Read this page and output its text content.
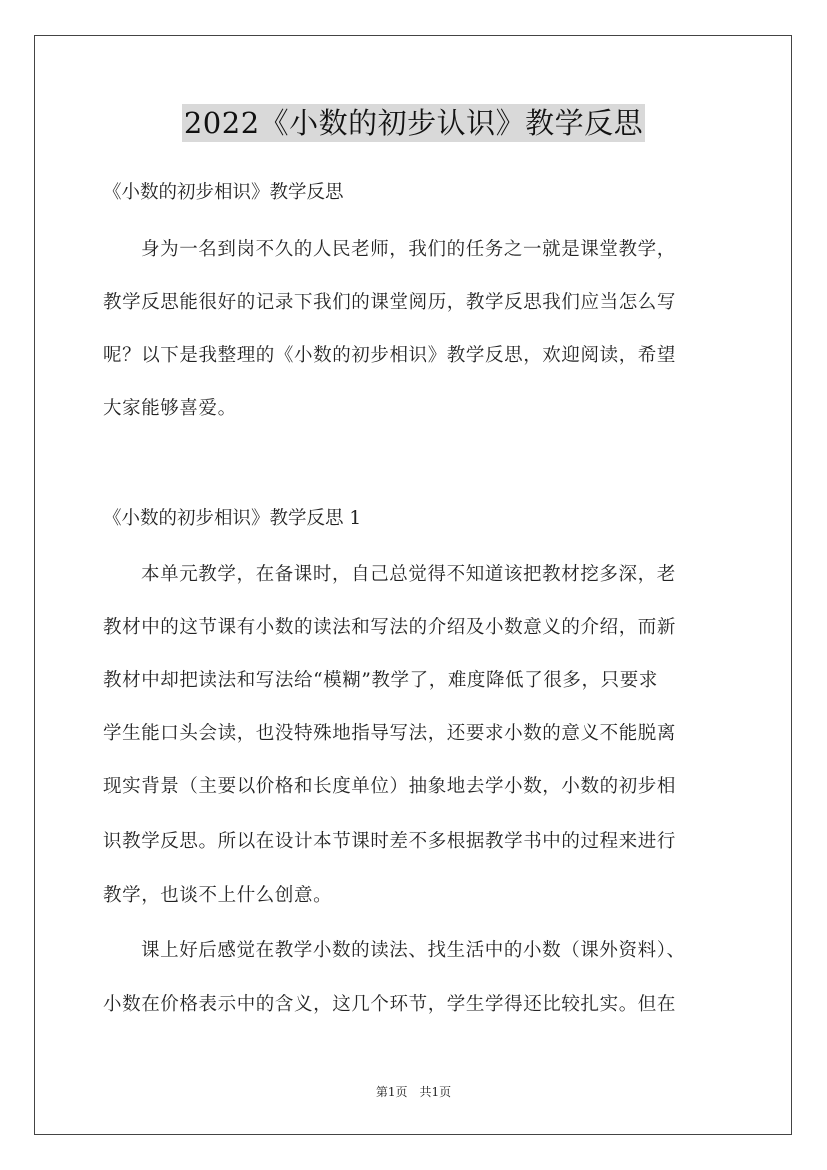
2022《小数的初步认识》教学反思
《小数的初步相识》教学反思
身为一名到岗不久的人民老师，我们的任务之一就是课堂教学，
教学反思能很好的记录下我们的课堂阅历，教学反思我们应当怎么写
呢？以下是我整理的《小数的初步相识》教学反思，欢迎阅读，希望
大家能够喜爱。
《小数的初步相识》教学反思 1
本单元教学，在备课时，自己总觉得不知道该把教材挖多深，老
教材中的这节课有小数的读法和写法的介绍及小数意义的介绍，而新
教材中却把读法和写法给“模糊”教学了，难度降低了很多，只要求
学生能口头会读，也没特殊地指导写法，还要求小数的意义不能脱离
现实背景（主要以价格和长度单位）抽象地去学小数，小数的初步相
识教学反思。所以在设计本节课时差不多根据教学书中的过程来进行
教学，也谈不上什么创意。
课上好后感觉在教学小数的读法、找生活中的小数（课外资料）、
小数在价格表示中的含义，这几个环节，学生学得还比较扎实。但在
第1页　共1页
